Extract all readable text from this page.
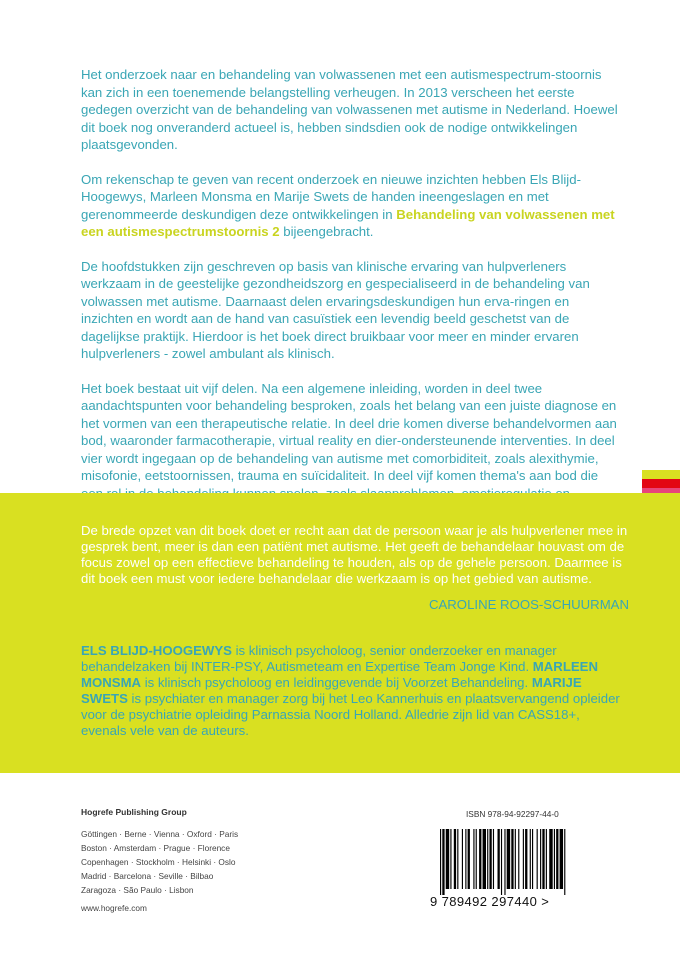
Het onderzoek naar en behandeling van volwassenen met een autismespectrum-stoornis kan zich in een toenemende belangstelling verheugen. In 2013 verscheen het eerste gedegen overzicht van de behandeling van volwassenen met autisme in Nederland. Hoewel dit boek nog onveranderd actueel is, hebben sindsdien ook de nodige ontwikkelingen plaatsgevonden.

Om rekenschap te geven van recent onderzoek en nieuwe inzichten hebben Els Blijd-Hoogewys, Marleen Monsma en Marije Swets de handen ineengeslagen en met gerenommeerde deskundigen deze ontwikkelingen in Behandeling van volwassenen met een autismespectrumstoornis 2 bijeengebracht.

De hoofdstukken zijn geschreven op basis van klinische ervaring van hulpverleners werkzaam in de geestelijke gezondheidszorg en gespecialiseerd in de behandeling van volwassen met autisme. Daarnaast delen ervaringsdeskundigen hun erva-ringen en inzichten en wordt aan de hand van casuïstiek een levendig beeld geschetst van de dagelijkse praktijk. Hierdoor is het boek direct bruikbaar voor meer en minder ervaren hulpverleners - zowel ambulant als klinisch.

Het boek bestaat uit vijf delen. Na een algemene inleiding, worden in deel twee aandachtspunten voor behandeling besproken, zoals het belang van een juiste diagnose en het vormen van een therapeutische relatie. In deel drie komen diverse behandelvormen aan bod, waaronder farmacotherapie, virtual reality en dier-ondersteunende interventies. In deel vier wordt ingegaan op de behandeling van autisme met comorbiditeit, zoals alexithymie, misofonie, eetstoornissen, trauma en suïcidaliteit. In deel vijf komen thema's aan bod die

De brede opzet van dit boek doet er recht aan dat de persoon waar je als hulpverlener mee in gesprek bent, meer is dan een patiënt met autisme. Het geeft de behandelaar houvast om de focus zowel op een effectieve behandeling te houden, als op de gehele persoon. Daarmee is dit boek een must voor iedere behandelaar die werkzaam is op het gebied van autisme.

CAROLINE ROOS-SCHUURMAN

ELS BLIJD-HOOGEWYS is klinisch psycholoog, senior onderzoeker en manager behandelzaken bij INTER-PSY, Autismeteam en Expertise Team Jonge Kind. MARLEEN MONSMA is klinisch psycholoog en leidinggevende bij Voorzet Behandeling. MARIJE SWETS is psychiater en manager zorg bij het Leo Kannerhuis en plaatsvervangend opleider voor de psychiatrie opleiding Parnassia Noord Holland. Alledrie zijn lid van CASS18+, evenals vele van de auteurs.

Hogrefe Publishing Group
Göttingen · Berne · Vienna · Oxford · Paris
Boston · Amsterdam · Prague · Florence
Copenhagen · Stockholm · Helsinki · Oslo
Madrid · Barcelona · Seville · Bilbao
Zaragoza · São Paulo · Lisbon
www.hogrefe.com
ISBN 978-94-92297-44-0
9 789492 297440 >
